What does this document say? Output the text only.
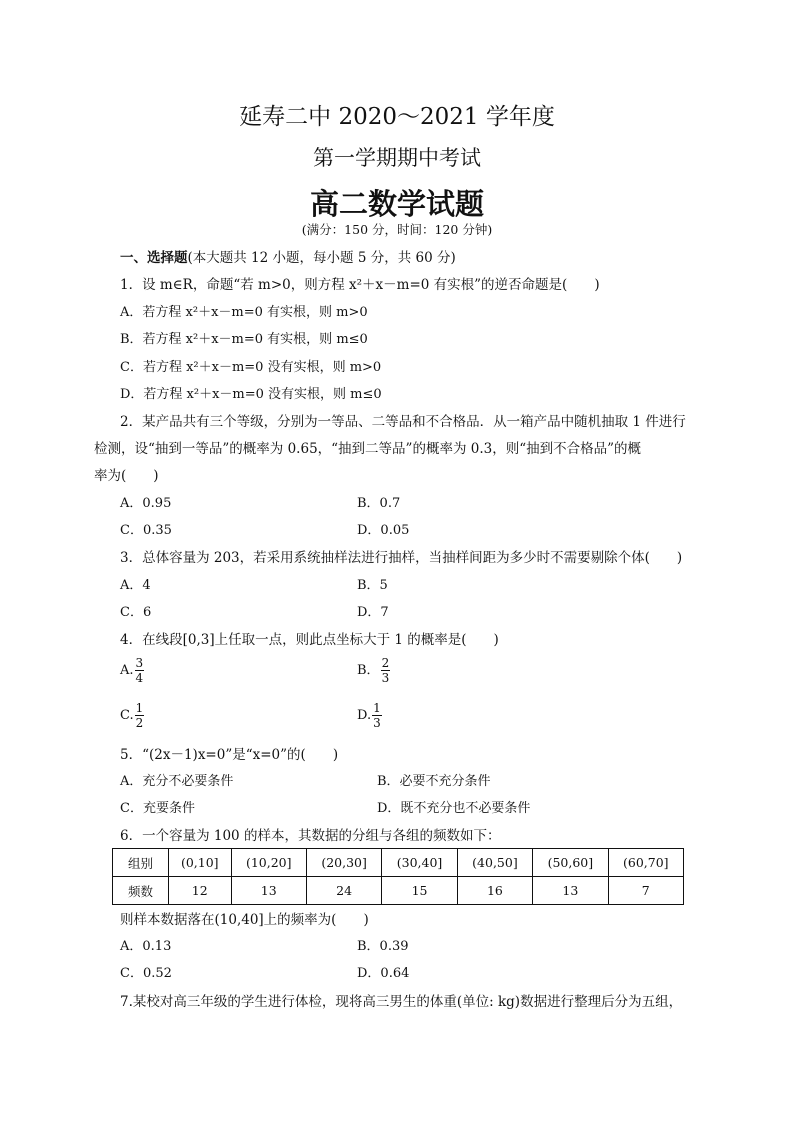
延寿二中 2020～2021 学年度
第一学期期中考试
高二数学试题
(满分：150 分，时间：120 分钟)
一、选择题(本大题共 12 小题，每小题 5 分，共 60 分)
1．设 m∈R，命题“若 m>0，则方程 x²＋x－m=0 有实根”的逆否命题是(　　)
A．若方程 x²＋x－m=0 有实根，则 m>0
B．若方程 x²＋x－m=0 有实根，则 m≤0
C．若方程 x²＋x－m=0 没有实根，则 m>0
D．若方程 x²＋x－m=0 没有实根，则 m≤0
2．某产品共有三个等级，分别为一等品、二等品和不合格品．从一箱产品中随机抽取 1 件进行
检测，设“抽到一等品”的概率为 0.65，“抽到二等品”的概率为 0.3，则“抽到不合格品”的概
率为(　　)
A．0.95	B．0.7
C．0.35	D．0.05
3．总体容量为 203，若采用系统抽样法进行抽样，当抽样间距为多少时不需要剔除个体(　　)
A．4	B．5
C．6	D．7
4．在线段[0,3]上任取一点，则此点坐标大于 1 的概率是(　　)
A. $\frac{3}{4}$	B． $\frac{2}{3}$
C. $\frac{1}{2}$	D. $\frac{1}{3}$
5．“(2x－1)x=0”是“x=0”的(　　)
A．充分不必要条件	B．必要不充分条件
C．充要条件	D．既不充分也不必要条件
6．一个容量为 100 的样本，其数据的分组与各组的频数如下：
组别	(0,10]	(10,20]	(20,30]	(30,40]	(40,50]	(50,60]	(60,70]
频数	12	13	24	15	16	13	7
则样本数据落在(10,40]上的频率为(　　)
A．0.13	B．0.39
C．0.52	D．0.64
7.某校对高三年级的学生进行体检，现将高三男生的体重(单位: kg)数据进行整理后分为五组，
